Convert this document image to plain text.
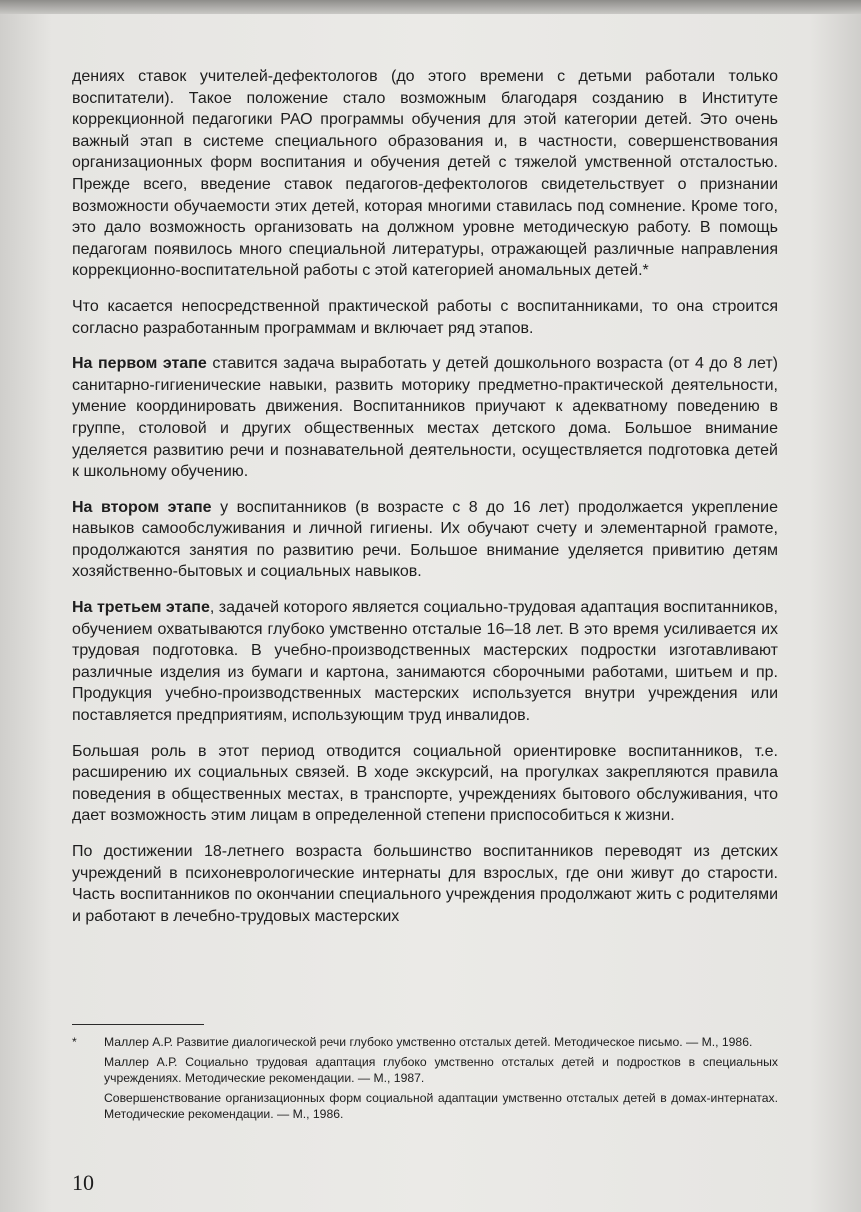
дениях ставок учителей-дефектологов (до этого времени с детьми работали только воспитатели). Такое положение стало возможным благодаря созданию в Институте коррекционной педагогики РАО программы обучения для этой категории детей. Это очень важный этап в системе специального образования и, в частности, совершенствования организационных форм воспитания и обучения детей с тяжелой умственной отсталостью. Прежде всего, введение ставок педагогов-дефектологов свидетельствует о признании возможности обучаемости этих детей, которая многими ставилась под сомнение. Кроме того, это дало возможность организовать на должном уровне методическую работу. В помощь педагогам появилось много специальной литературы, отражающей различные направления коррекционно-воспитательной работы с этой категорией аномальных детей.*

Что касается непосредственной практической работы с воспитанниками, то она строится согласно разработанным программам и включает ряд этапов.

На первом этапе ставится задача выработать у детей дошкольного возраста (от 4 до 8 лет) санитарно-гигиенические навыки, развить моторику предметно-практической деятельности, умение координировать движения. Воспитанников приучают к адекватному поведению в группе, столовой и других общественных местах детского дома. Большое внимание уделяется развитию речи и познавательной деятельности, осуществляется подготовка детей к школьному обучению.

На втором этапе у воспитанников (в возрасте с 8 до 16 лет) продолжается укрепление навыков самообслуживания и личной гигиены. Их обучают счету и элементарной грамоте, продолжаются занятия по развитию речи. Большое внимание уделяется привитию детям хозяйственно-бытовых и социальных навыков.

На третьем этапе, задачей которого является социально-трудовая адаптация воспитанников, обучением охватываются глубоко умственно отсталые 16–18 лет. В это время усиливается их трудовая подготовка. В учебно-производственных мастерских подростки изготавливают различные изделия из бумаги и картона, занимаются сборочными работами, шитьем и пр. Продукция учебно-производственных мастерских используется внутри учреждения или поставляется предприятиям, использующим труд инвалидов.

Большая роль в этот период отводится социальной ориентировке воспитанников, т.е. расширению их социальных связей. В ходе экскурсий, на прогулках закрепляются правила поведения в общественных местах, в транспорте, учреждениях бытового обслуживания, что дает возможность этим лицам в определенной степени приспособиться к жизни.

По достижении 18-летнего возраста большинство воспитанников переводят из детских учреждений в психоневрологические интернаты для взрослых, где они живут до старости. Часть воспитанников по окончании специального учреждения продолжают жить с родителями и работают в лечебно-трудовых мастерских

* Маллер А.Р. Развитие диалогической речи глубоко умственно отсталых детей. Методическое письмо. — М., 1986.

Маллер А.Р. Социально трудовая адаптация глубоко умственно отсталых детей и подростков в специальных учреждениях. Методические рекомендации. — М., 1987.

Совершенствование организационных форм социальной адаптации умственно отсталых детей в домах-интернатах. Методические рекомендации. — М., 1986.

10
